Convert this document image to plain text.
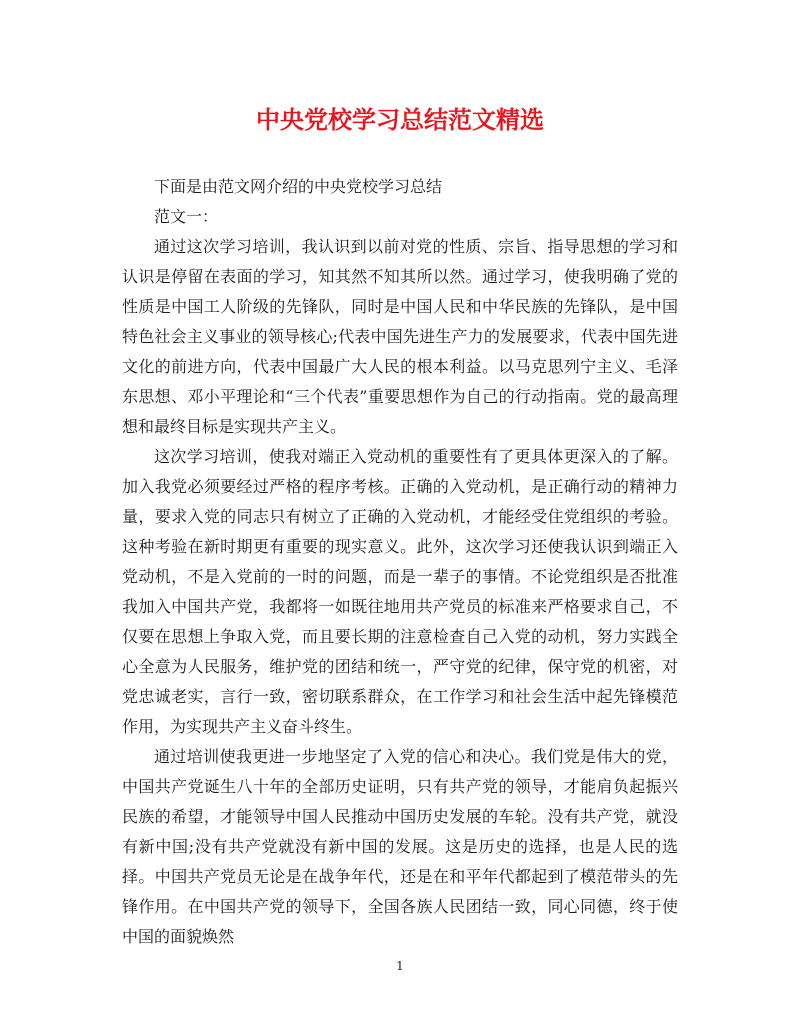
中央党校学习总结范文精选

下面是由范文网介绍的中央党校学习总结

范文一：

通过这次学习培训，我认识到以前对党的性质、宗旨、指导思想的学习和认识是停留在表面的学习，知其然不知其所以然。通过学习，使我明确了党的性质是中国工人阶级的先锋队，同时是中国人民和中华民族的先锋队，是中国特色社会主义事业的领导核心;代表中国先进生产力的发展要求，代表中国先进文化的前进方向，代表中国最广大人民的根本利益。以马克思列宁主义、毛泽东思想、邓小平理论和“三个代表”重要思想作为自己的行动指南。党的最高理想和最终目标是实现共产主义。

这次学习培训，使我对端正入党动机的重要性有了更具体更深入的了解。加入我党必须要经过严格的程序考核。正确的入党动机，是正确行动的精神力量，要求入党的同志只有树立了正确的入党动机，才能经受住党组织的考验。这种考验在新时期更有重要的现实意义。此外，这次学习还使我认识到端正入党动机，不是入党前的一时的问题，而是一辈子的事情。不论党组织是否批准我加入中国共产党，我都将一如既往地用共产党员的标准来严格要求自己，不仅要在思想上争取入党，而且要长期的注意检查自己入党的动机，努力实践全心全意为人民服务，维护党的团结和统一，严守党的纪律，保守党的机密，对党忠诚老实，言行一致，密切联系群众，在工作学习和社会生活中起先锋模范作用，为实现共产主义奋斗终生。

通过培训使我更进一步地坚定了入党的信心和决心。我们党是伟大的党，中国共产党诞生八十年的全部历史证明，只有共产党的领导，才能肩负起振兴民族的希望，才能领导中国人民推动中国历史发展的车轮。没有共产党，就没有新中国;没有共产党就没有新中国的发展。这是历史的选择，也是人民的选择。中国共产党员无论是在战争年代，还是在和平年代都起到了模范带头的先锋作用。在中国共产党的领导下，全国各族人民团结一致，同心同德，终于使中国的面貌焕然

1
